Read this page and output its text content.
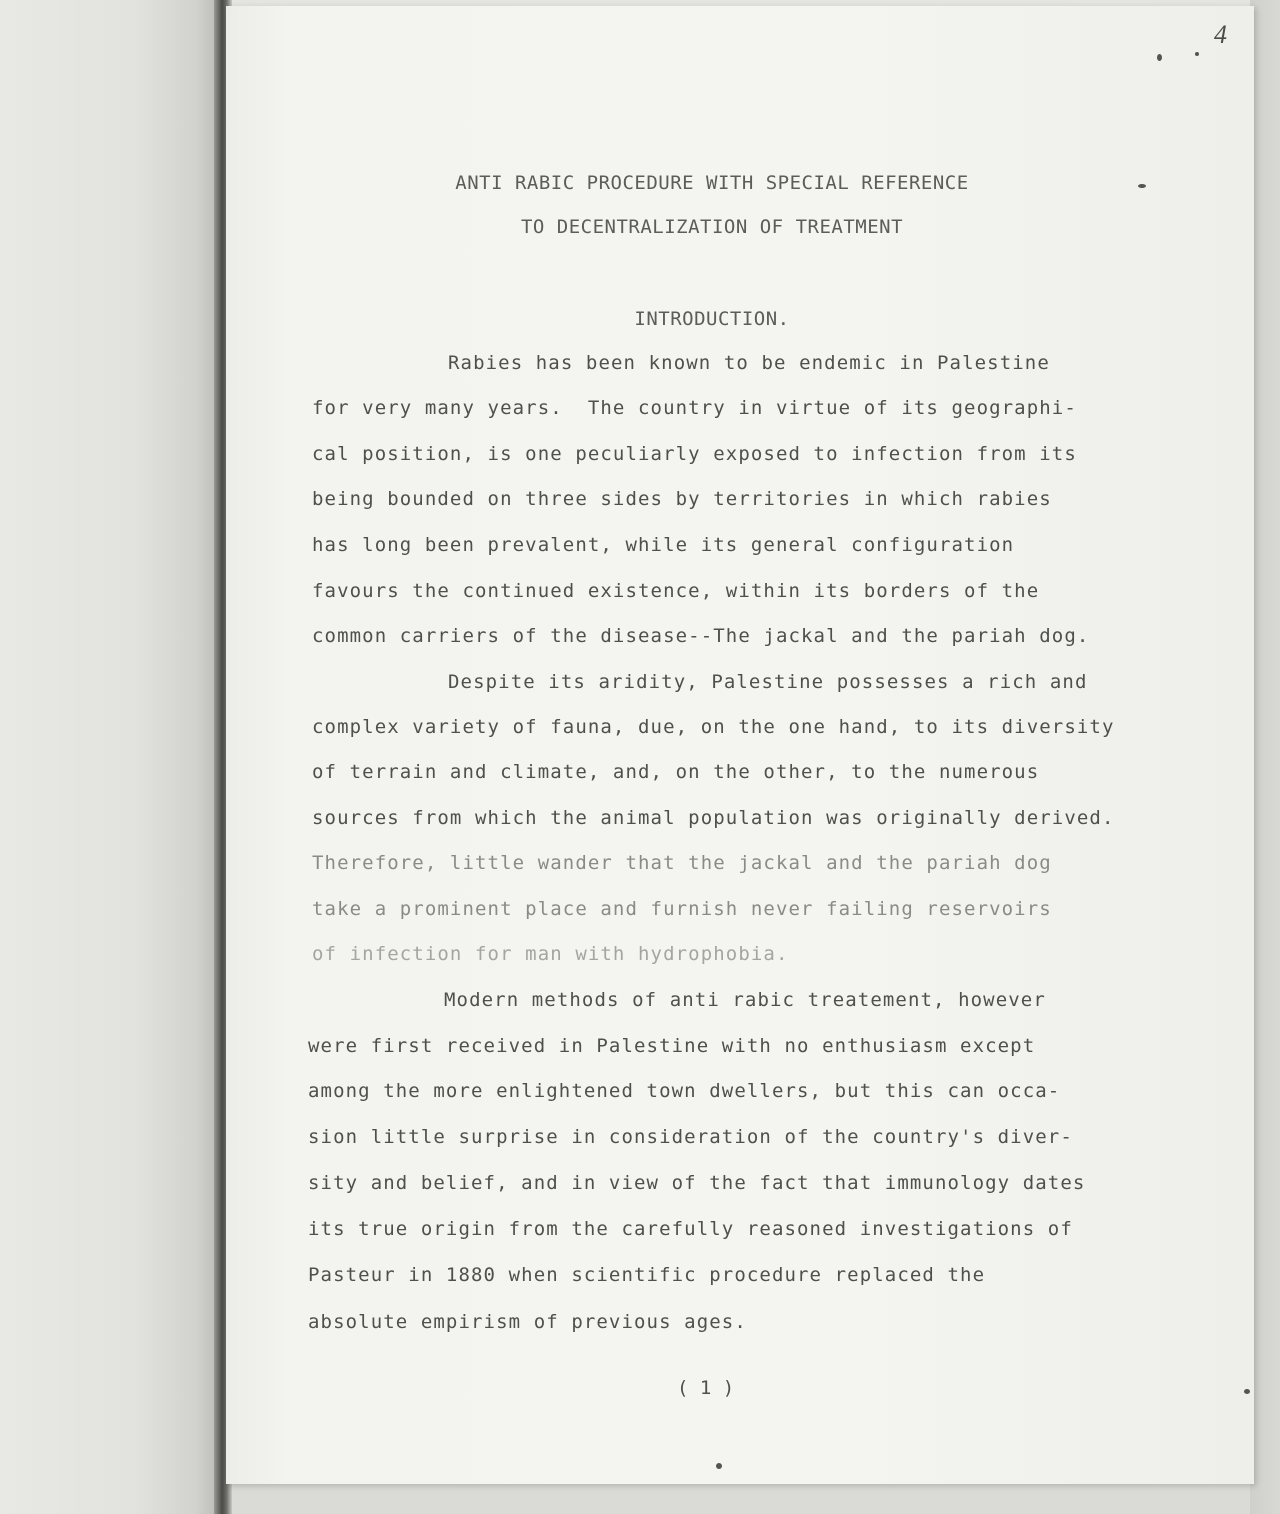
4
ANTI RABIC PROCEDURE WITH SPECIAL REFERENCE
TO DECENTRALIZATION OF TREATMENT
INTRODUCTION.
Rabies has been known to be endemic in Palestine
for very many years.  The country in virtue of its geographi-
cal position, is one peculiarly exposed to infection from its
being bounded on three sides by territories in which rabies
has long been prevalent, while its general configuration
favours the continued existence, within its borders of the
common carriers of the disease--The jackal and the pariah dog.
Despite its aridity, Palestine possesses a rich and
complex variety of fauna, due, on the one hand, to its diversity
of terrain and climate, and, on the other, to the numerous
sources from which the animal population was originally derived.
Therefore, little wander that the jackal and the pariah dog
take a prominent place and furnish never failing reservoirs
of infection for man with hydrophobia.
Modern methods of anti rabic treatement, however
were first received in Palestine with no enthusiasm except
among the more enlightened town dwellers, but this can occa-
sion little surprise in consideration of the country's diver-
sity and belief, and in view of the fact that immunology dates
its true origin from the carefully reasoned investigations of
Pasteur in 1880 when scientific procedure replaced the
absolute empirism of previous ages.
( 1 )
